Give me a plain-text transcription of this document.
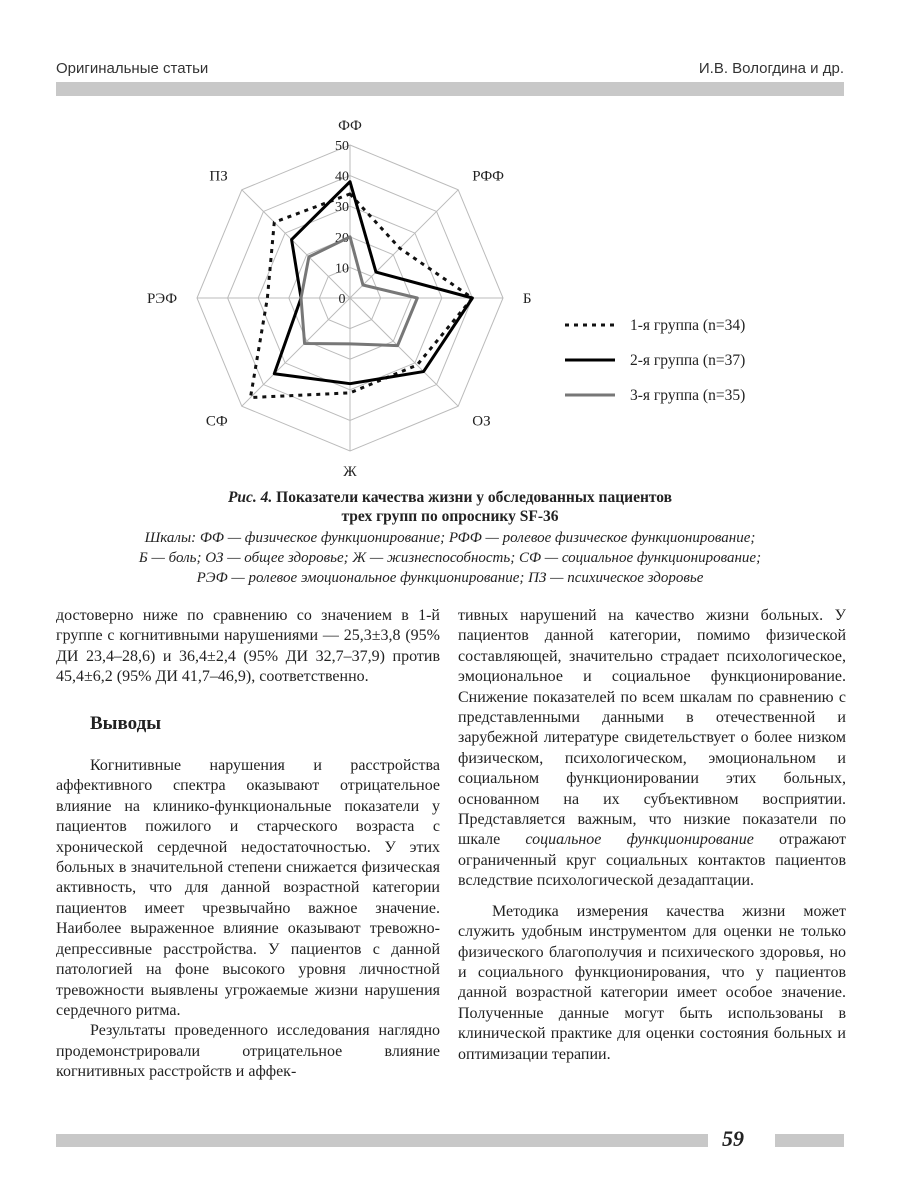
Оригинальные статьи	И.В. Вологдина и др.
0
10
20
30
40
50
ФФ
РФФ
Б
ОЗ
Ж
СФ
РЭФ
ПЗ
1-я группа (n=34)
2-я группа (n=37)
3-я группа (n=35)
Рис. 4. Показатели качества жизни у обследованных пациентов
трех групп по опроснику SF-36
Шкалы: ФФ — физическое функционирование; РФФ — ролевое физическое функционирование;
Б — боль; ОЗ — общее здоровье; Ж — жизнеспособность; СФ — социальное функционирование;
РЭФ — ролевое эмоциональное функционирование; ПЗ — психическое здоровье

достоверно ниже по сравнению со значением в 1-й группе с когнитивными нарушениями — 25,3±3,8 (95% ДИ 23,4–28,6) и 36,4±2,4 (95% ДИ 32,7–37,9) против 45,4±6,2 (95% ДИ 41,7–46,9), соответственно.

Выводы

Когнитивные нарушения и расстройства аффективного спектра оказывают отрицательное влияние на клинико-функциональные показатели у пациентов пожилого и старческого возраста с хронической сердечной недостаточностью. У этих больных в значительной степени снижается физическая активность, что для данной возрастной категории пациентов имеет чрезвычайно важное значение. Наиболее выраженное влияние оказывают тревожно-депрессивные расстройства. У пациентов с данной патологией на фоне высокого уровня личностной тревожности выявлены угрожаемые жизни нарушения сердечного ритма.

Результаты проведенного исследования наглядно продемонстрировали отрицательное влияние когнитивных расстройств и аффек-

тивных нарушений на качество жизни больных. У пациентов данной категории, помимо физической составляющей, значительно страдает психологическое, эмоциональное и социальное функционирование. Снижение показателей по всем шкалам по сравнению с представленными данными в отечественной и зарубежной литературе свидетельствует о более низком физическом, психологическом, эмоциональном и социальном функционировании этих больных, основанном на их субъективном восприятии. Представляется важным, что низкие показатели по шкале социальное функционирование отражают ограниченный круг социальных контактов пациентов вследствие психологической дезадаптации.

Методика измерения качества жизни может служить удобным инструментом для оценки не только физического благополучия и психического здоровья, но и социального функционирования, что у пациентов данной возрастной категории имеет особое значение. Полученные данные могут быть использованы в клинической практике для оценки состояния больных и оптимизации терапии.

59
